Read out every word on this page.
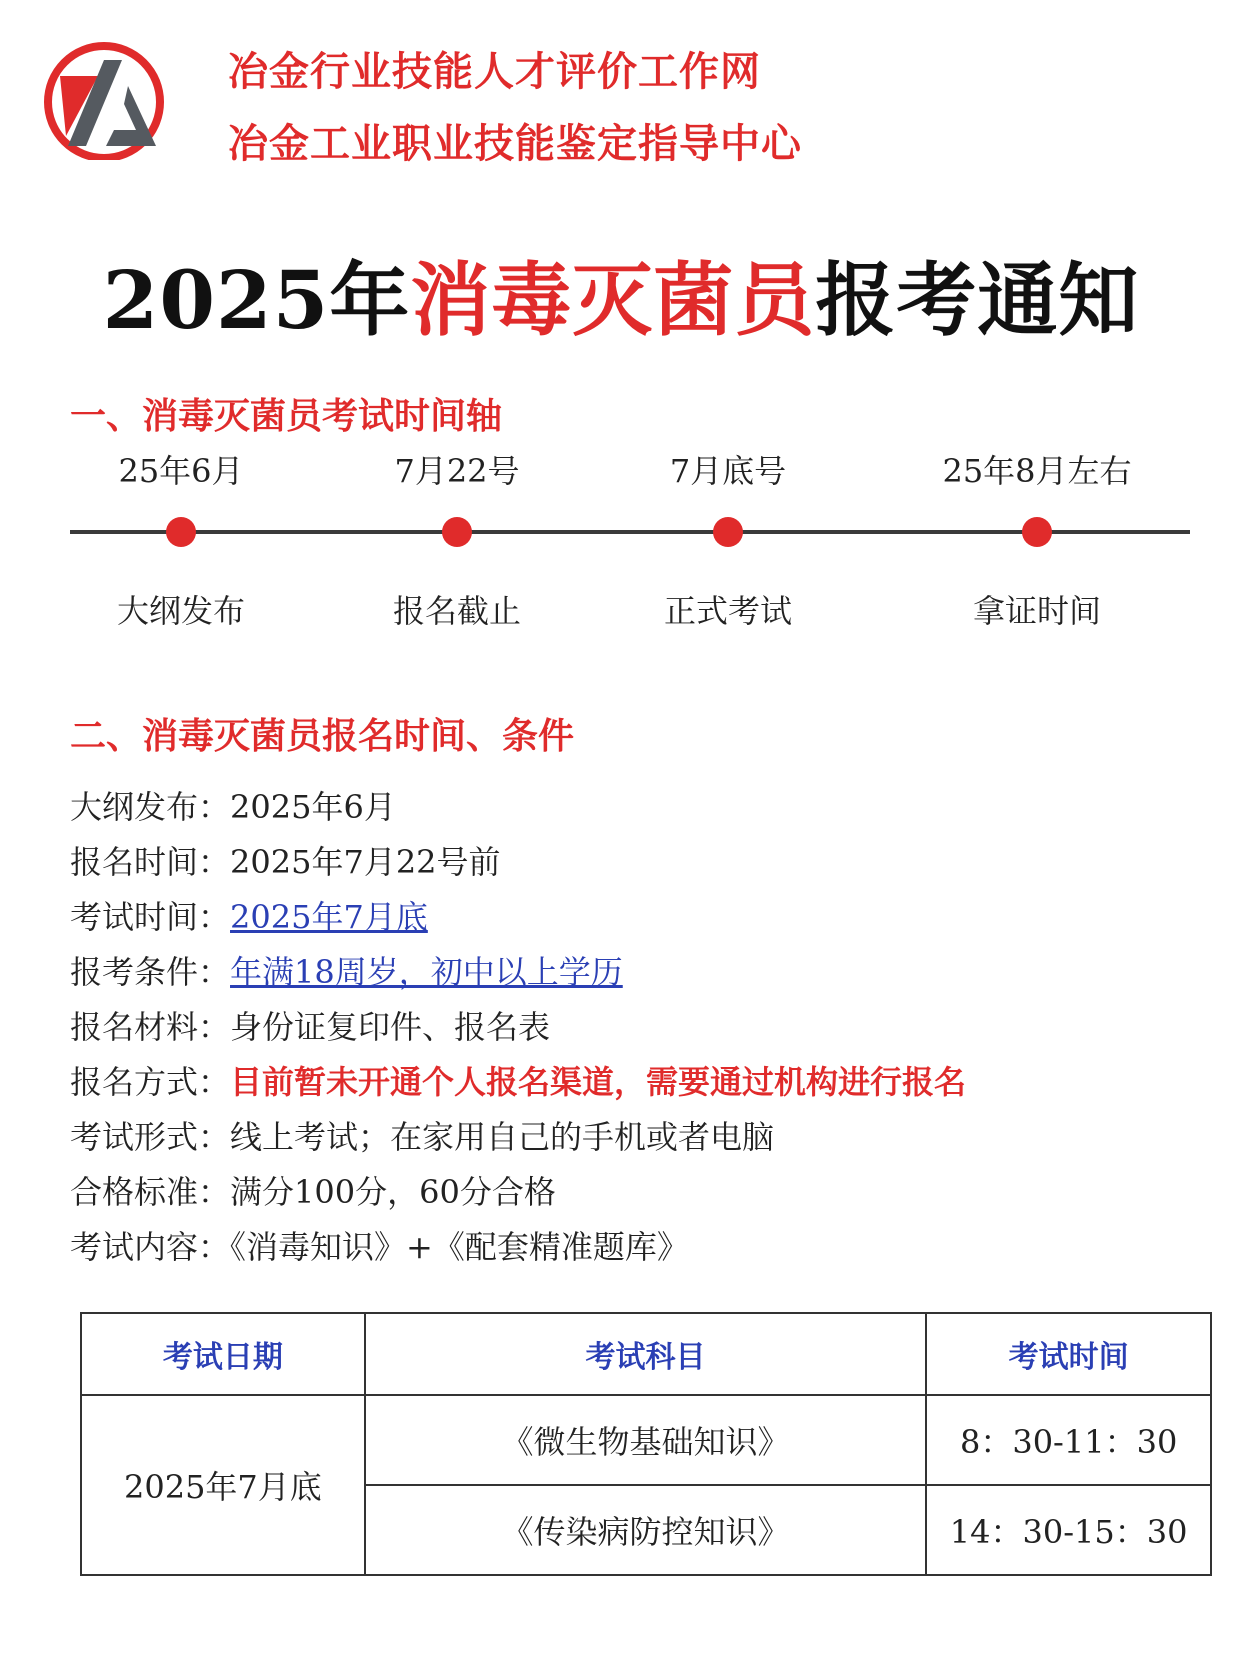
冶金行业技能人才评价工作网
冶金工业职业技能鉴定指导中心
2025年消毒灭菌员报考通知
一、消毒灭菌员考试时间轴
25年6月
大纲发布
7月22号
报名截止
7月底号
正式考试
25年8月左右
拿证时间
二、消毒灭菌员报名时间、条件
大纲发布：2025年6月
报名时间：2025年7月22号前
考试时间：2025年7月底
报考条件：年满18周岁，初中以上学历
报名材料：身份证复印件、报名表
报名方式：目前暂未开通个人报名渠道，需要通过机构进行报名
考试形式：线上考试；在家用自己的手机或者电脑
合格标准：满分100分，60分合格
考试内容：《消毒知识》+《配套精准题库》
考试日期	考试科目	考试时间
2025年7月底	《微生物基础知识》	8：30-11：30
	《传染病防控知识》	14：30-15：30
